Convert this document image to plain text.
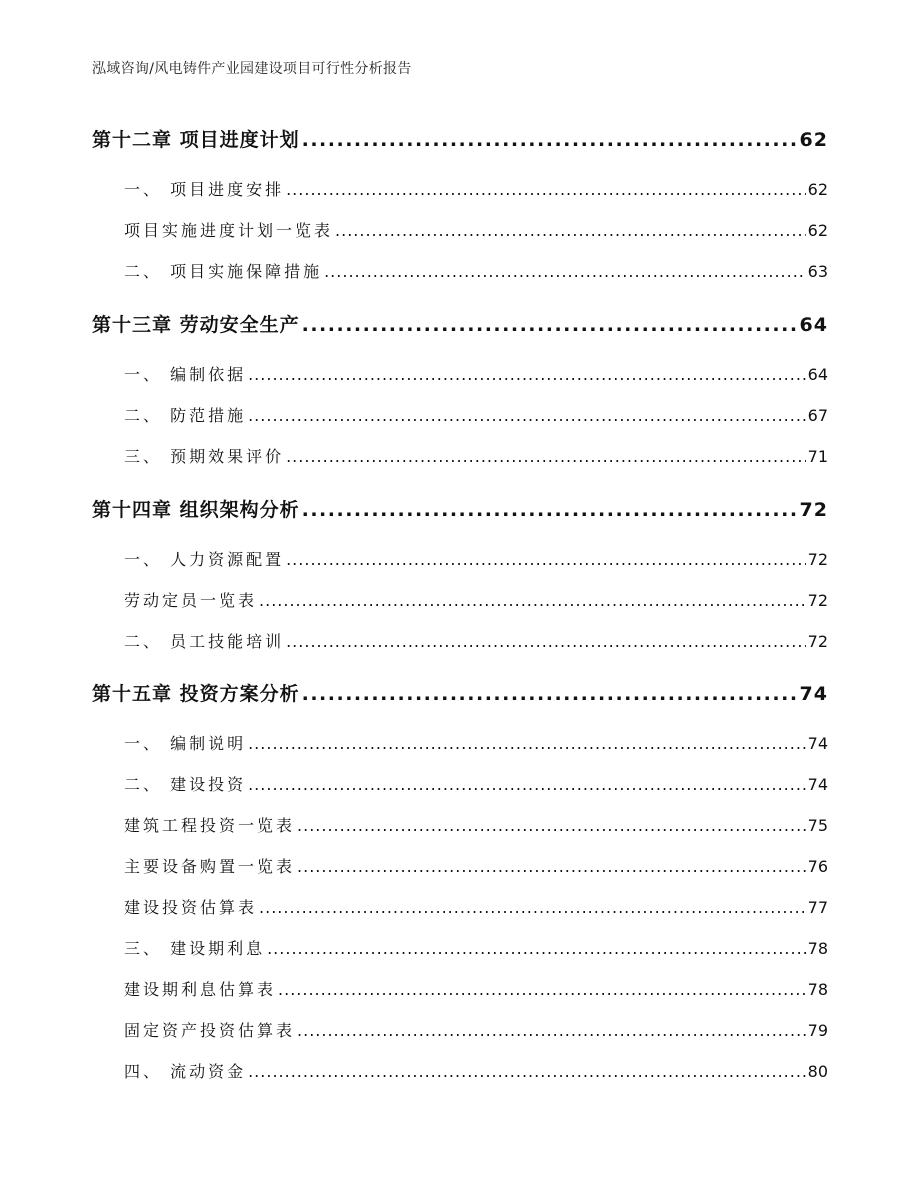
泓域咨询/风电铸件产业园建设项目可行性分析报告
第十二章 项目进度计划 .....	62
一、 项目进度安排 .....	62
项目实施进度计划一览表 .....	62
二、 项目实施保障措施 .....	63
第十三章 劳动安全生产 .....	64
一、 编制依据 .....	64
二、 防范措施 .....	67
三、 预期效果评价 .....	71
第十四章 组织架构分析 .....	72
一、 人力资源配置 .....	72
劳动定员一览表 .....	72
二、 员工技能培训 .....	72
第十五章 投资方案分析 .....	74
一、 编制说明 .....	74
二、 建设投资 .....	74
建筑工程投资一览表 .....	75
主要设备购置一览表 .....	76
建设投资估算表 .....	77
三、 建设期利息 .....	78
建设期利息估算表 .....	78
固定资产投资估算表 .....	79
四、 流动资金 .....	80
